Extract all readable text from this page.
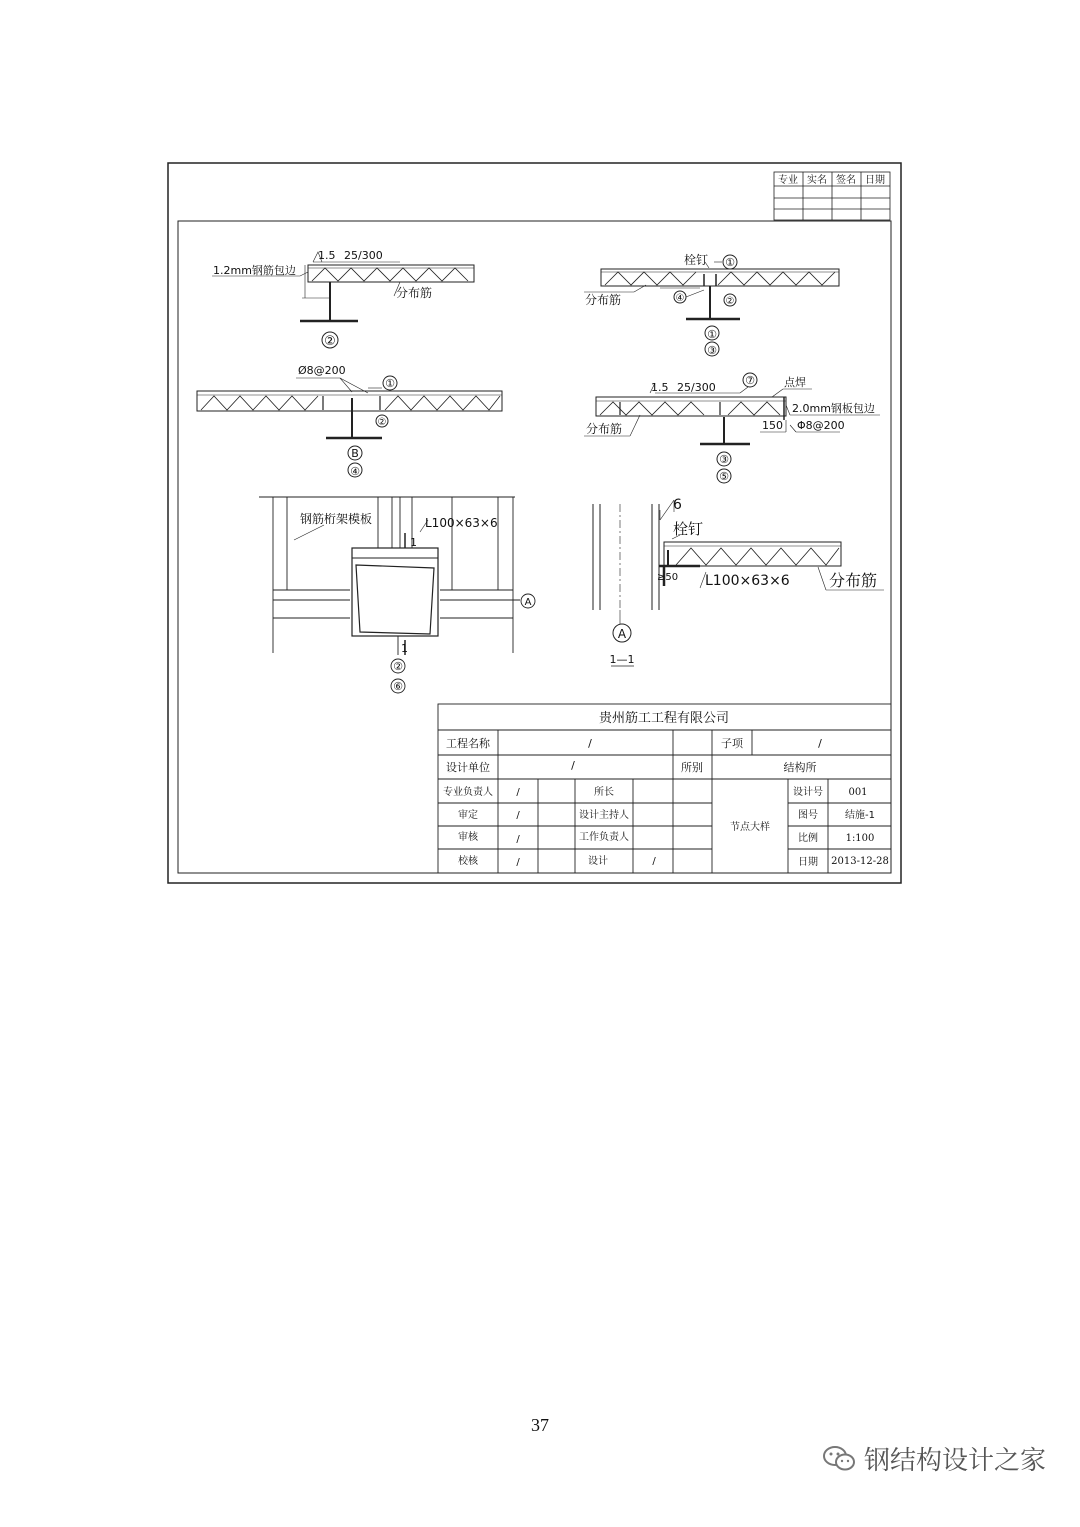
专业 实名 签名 日期
1.2mm钢筋包边
1.5 25/300
分布筋
②
栓钉 ①
④	②
分布筋
①
③
Ø8@200
①
②
B
④
1.5 25/300
⑦	点焊
2.0mm钢板包边
分布筋	150 Φ8@200
③
⑤
钢筋桁架模板	L100×63×6
1
1
A
②
⑥
6
栓钉
≥50 L100×63×6 分布筋
A
1—1
贵州筋工工程有限公司
工程名称	/	子项	/
设计单位	/	所别	结构所
专业负责人 /	所长
审定	/	设计主持人
审核	/	工作负责人
校核	/	设计	/
节点大样
设计号	001
图号	结施-1
比例	1:100
日期 2013-12-28
37
钢结构设计之家
